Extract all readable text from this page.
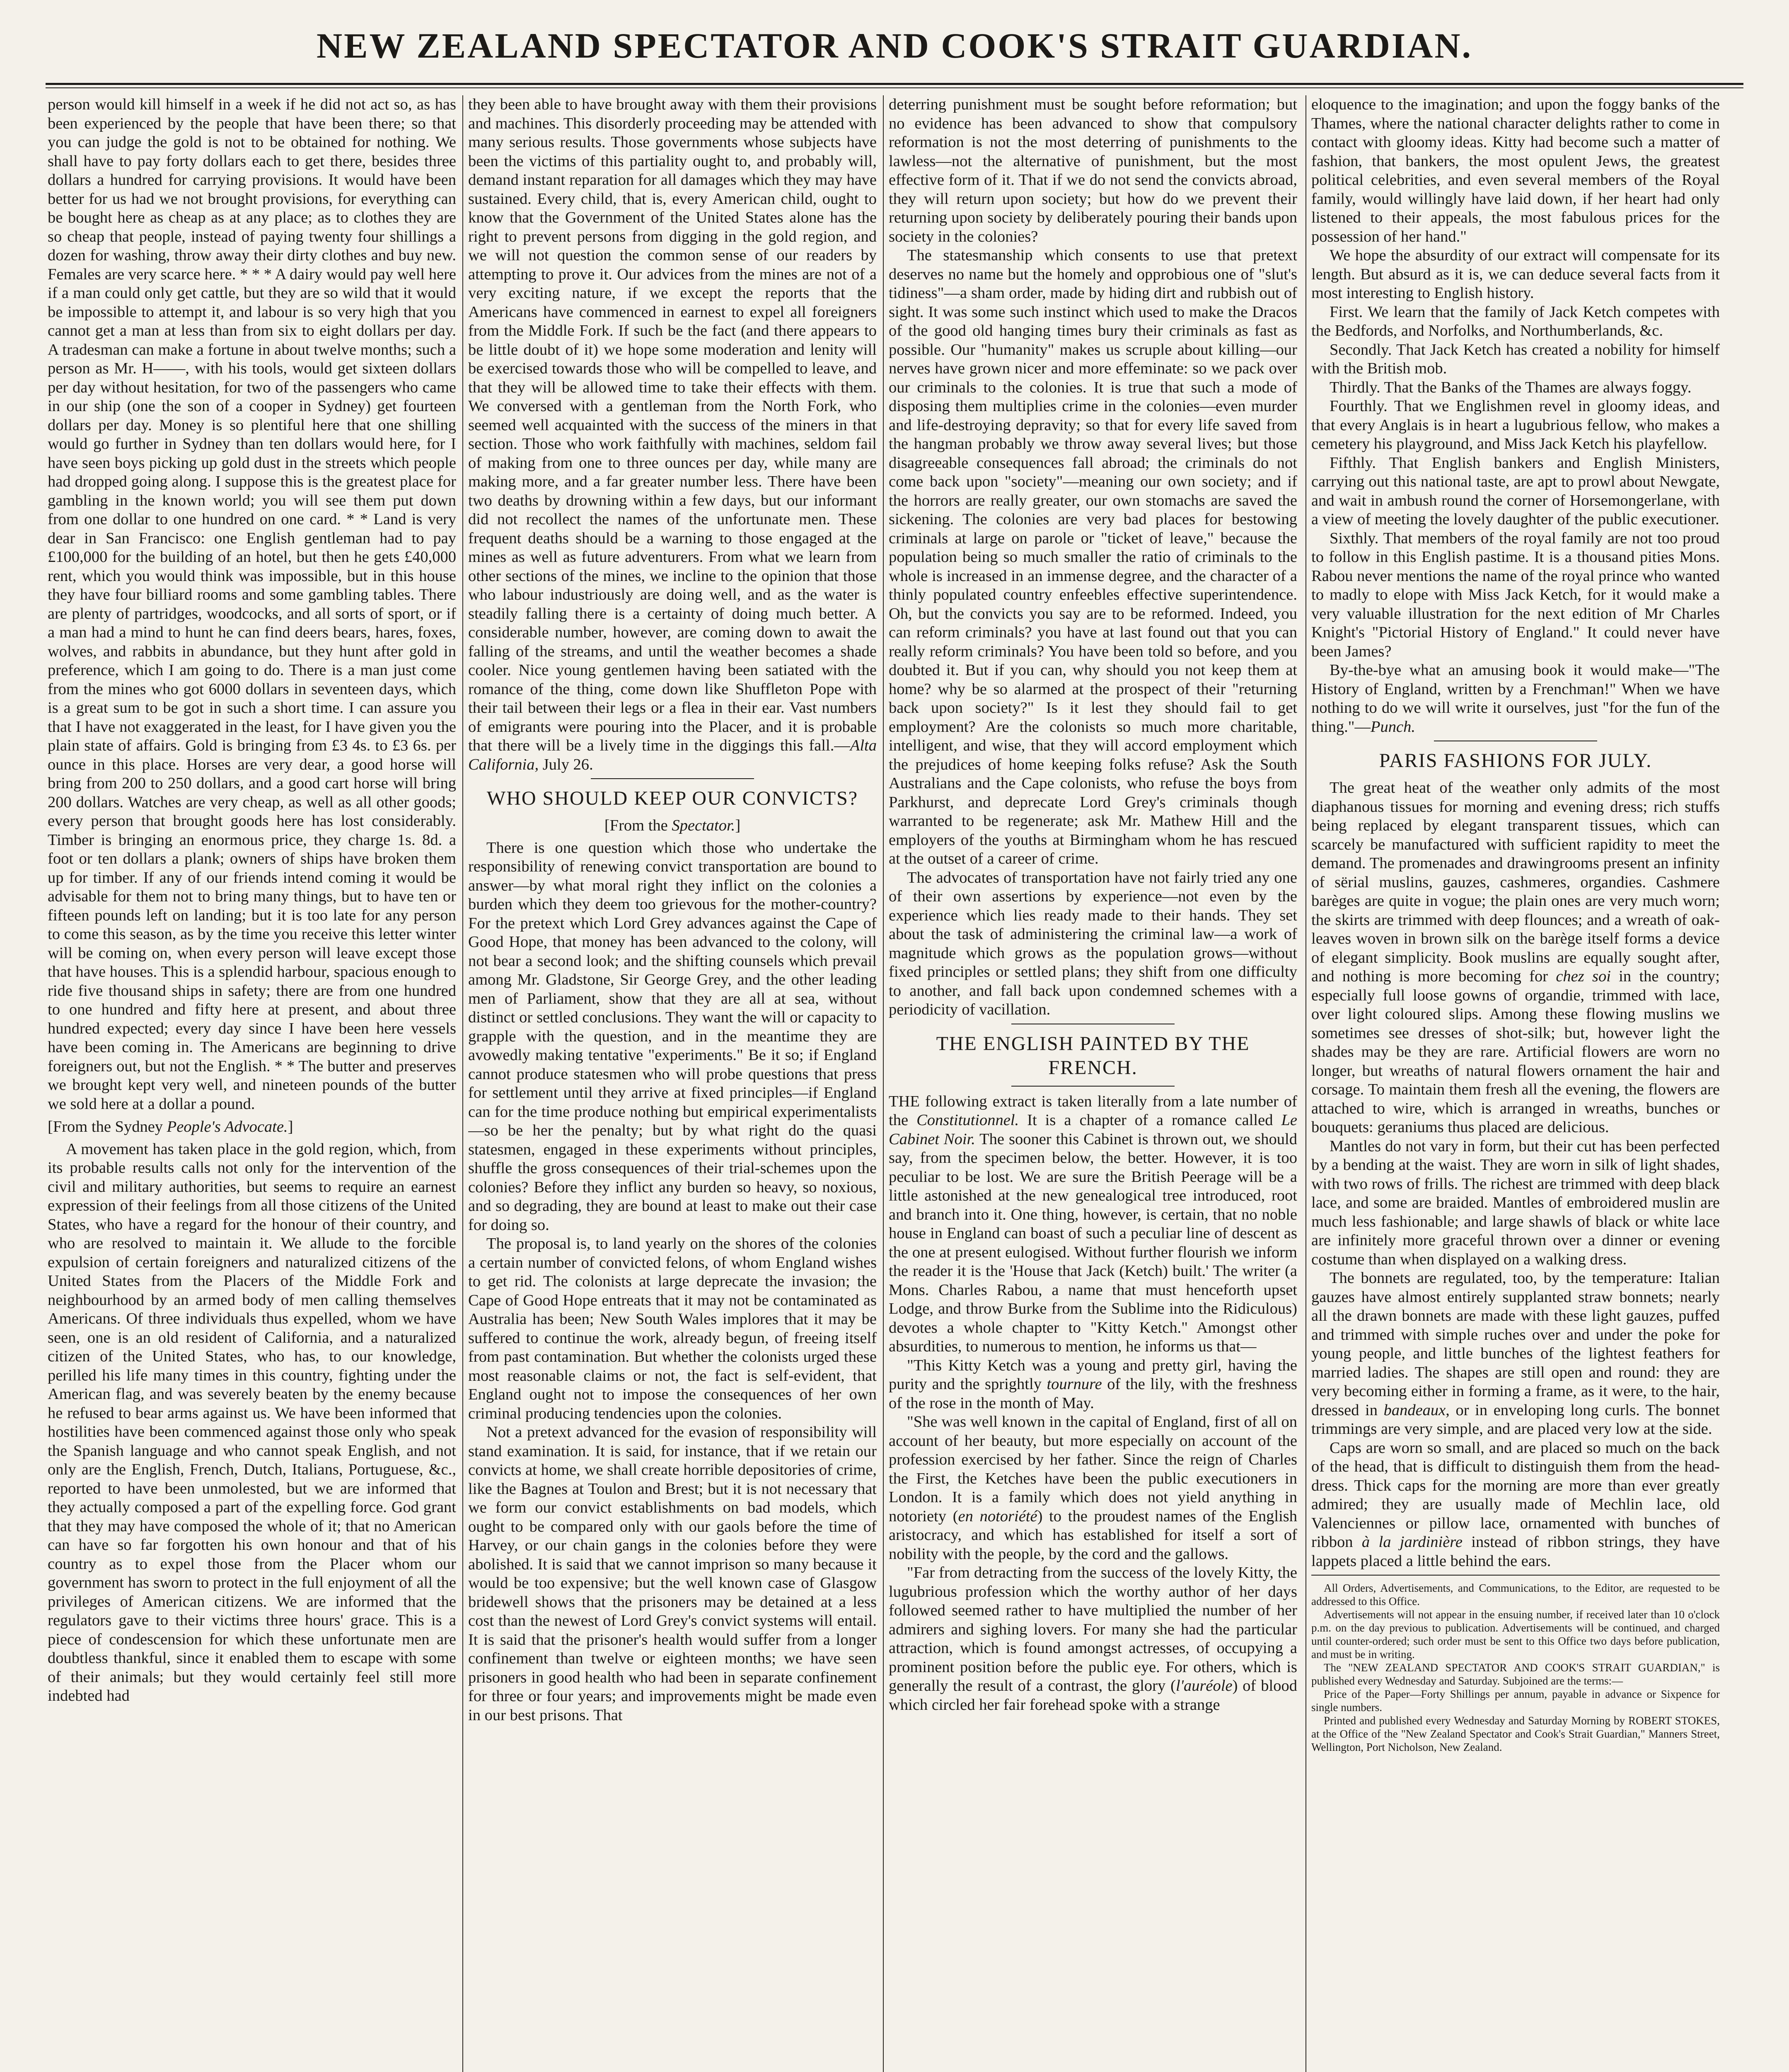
NEW ZEALAND SPECTATOR AND COOK'S STRAIT GUARDIAN.

person would kill himself in a week if he did not act so, as has been experienced by the people that have been there; so that you can judge the gold is not to be obtained for nothing. We shall have to pay forty dollars each to get there, besides three dollars a hundred for carrying provisions. It would have been better for us had we not brought provisions, for everything can be bought here as cheap as at any place; as to clothes they are so cheap that people, instead of paying twenty four shillings a dozen for washing, throw away their dirty clothes and buy new. Females are very scarce here. * * * A dairy would pay well here if a man could only get cattle, but they are so wild that it would be impossible to attempt it, and labour is so very high that you cannot get a man at less than from six to eight dollars per day. A tradesman can make a fortune in about twelve months; such a person as Mr. H——, with his tools, would get sixteen dollars per day without hesitation, for two of the passengers who came in our ship (one the son of a cooper in Sydney) get fourteen dollars per day. Money is so plentiful here that one shilling would go further in Sydney than ten dollars would here, for I have seen boys picking up gold dust in the streets which people had dropped going along. I suppose this is the greatest place for gambling in the known world; you will see them put down from one dollar to one hundred on one card. * * Land is very dear in San Francisco: one English gentleman had to pay £100,000 for the building of an hotel, but then he gets £40,000 rent, which you would think was impossible, but in this house they have four billiard rooms and some gambling tables. There are plenty of partridges, woodcocks, and all sorts of sport, or if a man had a mind to hunt he can find deers bears, hares, foxes, wolves, and rabbits in abundance, but they hunt after gold in preference, which I am going to do. There is a man just come from the mines who got 6000 dollars in seventeen days, which is a great sum to be got in such a short time. I can assure you that I have not exaggerated in the least, for I have given you the plain state of affairs. Gold is bringing from £3 4s. to £3 6s. per ounce in this place. Horses are very dear, a good horse will bring from 200 to 250 dollars, and a good cart horse will bring 200 dollars. Watches are very cheap, as well as all other goods; every person that brought goods here has lost considerably. Timber is bringing an enormous price, they charge 1s. 8d. a foot or ten dollars a plank; owners of ships have broken them up for timber. If any of our friends intend coming it would be advisable for them not to bring many things, but to have ten or fifteen pounds left on landing; but it is too late for any person to come this season, as by the time you receive this letter winter will be coming on, when every person will leave except those that have houses. This is a splendid harbour, spacious enough to ride five thousand ships in safety; there are from one hundred to one hundred and fifty here at present, and about three hundred expected; every day since I have been here vessels have been coming in. The Americans are beginning to drive foreigners out, but not the English. * * The butter and preserves we brought kept very well, and nineteen pounds of the butter we sold here at a dollar a pound.

[From the Sydney People's Advocate.]

A movement has taken place in the gold region, which, from its probable results calls not only for the intervention of the civil and military authorities, but seems to require an earnest expression of their feelings from all those citizens of the United States, who have a regard for the honour of their country, and who are resolved to maintain it. We allude to the forcible expulsion of certain foreigners and naturalized citizens of the United States from the Placers of the Middle Fork and neighbourhood by an armed body of men calling themselves Americans. Of three individuals thus expelled, whom we have seen, one is an old resident of California, and a naturalized citizen of the United States, who has, to our knowledge, perilled his life many times in this country, fighting under the American flag, and was severely beaten by the enemy because he refused to bear arms against us. We have been informed that hostilities have been commenced against those only who speak the Spanish language and who cannot speak English, and not only are the English, French, Dutch, Italians, Portuguese, &c., reported to have been unmolested, but we are informed that they actually composed a part of the expelling force. God grant that they may have composed the whole of it; that no American can have so far forgotten his own honour and that of his country as to expel those from the Placer whom our government has sworn to protect in the full enjoyment of all the privileges of American citizens. We are informed that the regulators gave to their victims three hours' grace. This is a piece of condescension for which these unfortunate men are doubtless thankful, since it enabled them to escape with some of their animals; but they would certainly feel still more indebted had

they been able to have brought away with them their provisions and machines. This disorderly proceeding may be attended with many serious results. Those governments whose subjects have been the victims of this partiality ought to, and probably will, demand instant reparation for all damages which they may have sustained. Every child, that is, every American child, ought to know that the Government of the United States alone has the right to prevent persons from digging in the gold region, and we will not question the common sense of our readers by attempting to prove it. Our advices from the mines are not of a very exciting nature, if we except the reports that the Americans have commenced in earnest to expel all foreigners from the Middle Fork. If such be the fact (and there appears to be little doubt of it) we hope some moderation and lenity will be exercised towards those who will be compelled to leave, and that they will be allowed time to take their effects with them. We conversed with a gentleman from the North Fork, who seemed well acquainted with the success of the miners in that section. Those who work faithfully with machines, seldom fail of making from one to three ounces per day, while many are making more, and a far greater number less. There have been two deaths by drowning within a few days, but our informant did not recollect the names of the unfortunate men. These frequent deaths should be a warning to those engaged at the mines as well as future adventurers. From what we learn from other sections of the mines, we incline to the opinion that those who labour industriously are doing well, and as the water is steadily falling there is a certainty of doing much better. A considerable number, however, are coming down to await the falling of the streams, and until the weather becomes a shade cooler. Nice young gentlemen having been satiated with the romance of the thing, come down like Shuffleton Pope with their tail between their legs or a flea in their ear. Vast numbers of emigrants were pouring into the Placer, and it is probable that there will be a lively time in the diggings this fall.—Alta California, July 26.

WHO SHOULD KEEP OUR CONVICTS?

[From the Spectator.]

There is one question which those who undertake the responsibility of renewing convict transportation are bound to answer—by what moral right they inflict on the colonies a burden which they deem too grievous for the mother-country? For the pretext which Lord Grey advances against the Cape of Good Hope, that money has been advanced to the colony, will not bear a second look; and the shifting counsels which prevail among Mr. Gladstone, Sir George Grey, and the other leading men of Parliament, show that they are all at sea, without distinct or settled conclusions. They want the will or capacity to grapple with the question, and in the meantime they are avowedly making tentative "experiments." Be it so; if England cannot produce statesmen who will probe questions that press for settlement until they arrive at fixed principles—if England can for the time produce nothing but empirical experimentalists—so be her the penalty; but by what right do the quasi statesmen, engaged in these experiments without principles, shuffle the gross consequences of their trial-schemes upon the colonies? Before they inflict any burden so heavy, so noxious, and so degrading, they are bound at least to make out their case for doing so.

The proposal is, to land yearly on the shores of the colonies a certain number of convicted felons, of whom England wishes to get rid. The colonists at large deprecate the invasion; the Cape of Good Hope entreats that it may not be contaminated as Australia has been; New South Wales implores that it may be suffered to continue the work, already begun, of freeing itself from past contamination. But whether the colonists urged these most reasonable claims or not, the fact is self-evident, that England ought not to impose the consequences of her own criminal producing tendencies upon the colonies.

Not a pretext advanced for the evasion of responsibility will stand examination. It is said, for instance, that if we retain our convicts at home, we shall create horrible depositories of crime, like the Bagnes at Toulon and Brest; but it is not necessary that we form our convict establishments on bad models, which ought to be compared only with our gaols before the time of Harvey, or our chain gangs in the colonies before they were abolished. It is said that we cannot imprison so many because it would be too expensive; but the well known case of Glasgow bridewell shows that the prisoners may be detained at a less cost than the newest of Lord Grey's convict systems will entail. It is said that the prisoner's health would suffer from a longer confinement than twelve or eighteen months; we have seen prisoners in good health who had been in separate confinement for three or four years; and improvements might be made even in our best prisons. That

deterring punishment must be sought before reformation; but no evidence has been advanced to show that compulsory reformation is not the most deterring of punishments to the lawless—not the alternative of punishment, but the most effective form of it. That if we do not send the convicts abroad, they will return upon society; but how do we prevent their returning upon society by deliberately pouring their bands upon society in the colonies?

The statesmanship which consents to use that pretext deserves no name but the homely and opprobious one of "slut's tidiness"—a sham order, made by hiding dirt and rubbish out of sight. It was some such instinct which used to make the Dracos of the good old hanging times bury their criminals as fast as possible. Our "humanity" makes us scruple about killing—our nerves have grown nicer and more effeminate: so we pack over our criminals to the colonies. It is true that such a mode of disposing them multiplies crime in the colonies—even murder and life-destroying depravity; so that for every life saved from the hangman probably we throw away several lives; but those disagreeable consequences fall abroad; the criminals do not come back upon "society"—meaning our own society; and if the horrors are really greater, our own stomachs are saved the sickening. The colonies are very bad places for bestowing criminals at large on parole or "ticket of leave," because the population being so much smaller the ratio of criminals to the whole is increased in an immense degree, and the character of a thinly populated country enfeebles effective superintendence. Oh, but the convicts you say are to be reformed. Indeed, you can reform criminals? you have at last found out that you can really reform criminals? You have been told so before, and you doubted it. But if you can, why should you not keep them at home? why be so alarmed at the prospect of their "returning back upon society?" Is it lest they should fail to get employment? Are the colonists so much more charitable, intelligent, and wise, that they will accord employment which the prejudices of home keeping folks refuse? Ask the South Australians and the Cape colonists, who refuse the boys from Parkhurst, and deprecate Lord Grey's criminals though warranted to be regenerate; ask Mr. Mathew Hill and the employers of the youths at Birmingham whom he has rescued at the outset of a career of crime.

The advocates of transportation have not fairly tried any one of their own assertions by experience—not even by the experience which lies ready made to their hands. They set about the task of administering the criminal law—a work of magnitude which grows as the population grows—without fixed principles or settled plans; they shift from one difficulty to another, and fall back upon condemned schemes with a periodicity of vacillation.

THE ENGLISH PAINTED BY THE FRENCH.

THE following extract is taken literally from a late number of the Constitutionnel. It is a chapter of a romance called Le Cabinet Noir. The sooner this Cabinet is thrown out, we should say, from the specimen below, the better. However, it is too peculiar to be lost. We are sure the British Peerage will be a little astonished at the new genealogical tree introduced, root and branch into it. One thing, however, is certain, that no noble house in England can boast of such a peculiar line of descent as the one at present eulogised. Without further flourish we inform the reader it is the 'House that Jack (Ketch) built.' The writer (a Mons. Charles Rabou, a name that must henceforth upset Lodge, and throw Burke from the Sublime into the Ridiculous) devotes a whole chapter to "Kitty Ketch." Amongst other absurdities, to numerous to mention, he informs us that—

"This Kitty Ketch was a young and pretty girl, having the purity and the sprightly tournure of the lily, with the freshness of the rose in the month of May.

"She was well known in the capital of England, first of all on account of her beauty, but more especially on account of the profession exercised by her father. Since the reign of Charles the First, the Ketches have been the public executioners in London. It is a family which does not yield anything in notoriety (en notoriété) to the proudest names of the English aristocracy, and which has established for itself a sort of nobility with the people, by the cord and the gallows.

"Far from detracting from the success of the lovely Kitty, the lugubrious profession which the worthy author of her days followed seemed rather to have multiplied the number of her admirers and sighing lovers. For many she had the particular attraction, which is found amongst actresses, of occupying a prominent position before the public eye. For others, which is generally the result of a contrast, the glory (l'auréole) of blood which circled her fair forehead spoke with a strange

eloquence to the imagination; and upon the foggy banks of the Thames, where the national character delights rather to come in contact with gloomy ideas. Kitty had become such a matter of fashion, that bankers, the most opulent Jews, the greatest political celebrities, and even several members of the Royal family, would willingly have laid down, if her heart had only listened to their appeals, the most fabulous prices for the possession of her hand."

We hope the absurdity of our extract will compensate for its length. But absurd as it is, we can deduce several facts from it most interesting to English history.

First. We learn that the family of Jack Ketch competes with the Bedfords, and Norfolks, and Northumberlands, &c.

Secondly. That Jack Ketch has created a nobility for himself with the British mob.

Thirdly. That the Banks of the Thames are always foggy.

Fourthly. That we Englishmen revel in gloomy ideas, and that every Anglais is in heart a lugubrious fellow, who makes a cemetery his playground, and Miss Jack Ketch his playfellow.

Fifthly. That English bankers and English Ministers, carrying out this national taste, are apt to prowl about Newgate, and wait in ambush round the corner of Horsemongerlane, with a view of meeting the lovely daughter of the public executioner.

Sixthly. That members of the royal family are not too proud to follow in this English pastime. It is a thousand pities Mons. Rabou never mentions the name of the royal prince who wanted to madly to elope with Miss Jack Ketch, for it would make a very valuable illustration for the next edition of Mr Charles Knight's "Pictorial History of England." It could never have been James?

By-the-bye what an amusing book it would make—"The History of England, written by a Frenchman!" When we have nothing to do we will write it ourselves, just "for the fun of the thing."—Punch.

PARIS FASHIONS FOR JULY.

The great heat of the weather only admits of the most diaphanous tissues for morning and evening dress; rich stuffs being replaced by elegant transparent tissues, which can scarcely be manufactured with sufficient rapidity to meet the demand. The promenades and drawingrooms present an infinity of sërial muslins, gauzes, cashmeres, organdies. Cashmere barèges are quite in vogue; the plain ones are very much worn; the skirts are trimmed with deep flounces; and a wreath of oak-leaves woven in brown silk on the barège itself forms a device of elegant simplicity. Book muslins are equally sought after, and nothing is more becoming for chez soi in the country; especially full loose gowns of organdie, trimmed with lace, over light coloured slips. Among these flowing muslins we sometimes see dresses of shot-silk; but, however light the shades may be they are rare. Artificial flowers are worn no longer, but wreaths of natural flowers ornament the hair and corsage. To maintain them fresh all the evening, the flowers are attached to wire, which is arranged in wreaths, bunches or bouquets: geraniums thus placed are delicious.

Mantles do not vary in form, but their cut has been perfected by a bending at the waist. They are worn in silk of light shades, with two rows of frills. The richest are trimmed with deep black lace, and some are braided. Mantles of embroidered muslin are much less fashionable; and large shawls of black or white lace are infinitely more graceful thrown over a dinner or evening costume than when displayed on a walking dress.

The bonnets are regulated, too, by the temperature: Italian gauzes have almost entirely supplanted straw bonnets; nearly all the drawn bonnets are made with these light gauzes, puffed and trimmed with simple ruches over and under the poke for young people, and little bunches of the lightest feathers for married ladies. The shapes are still open and round: they are very becoming either in forming a frame, as it were, to the hair, dressed in bandeaux, or in enveloping long curls. The bonnet trimmings are very simple, and are placed very low at the side.

Caps are worn so small, and are placed so much on the back of the head, that is difficult to distinguish them from the head-dress. Thick caps for the morning are more than ever greatly admired; they are usually made of Mechlin lace, old Valenciennes or pillow lace, ornamented with bunches of ribbon à la jardinière instead of ribbon strings, they have lappets placed a little behind the ears.

All Orders, Advertisements, and Communications, to the Editor, are requested to be addressed to this Office.

Advertisements will not appear in the ensuing number, if received later than 10 o'clock p.m. on the day previous to publication. Advertisements will be continued, and charged until counter-ordered; such order must be sent to this Office two days before publication, and must be in writing.

The "NEW ZEALAND SPECTATOR AND COOK'S STRAIT GUARDIAN," is published every Wednesday and Saturday. Subjoined are the terms:—

Price of the Paper—Forty Shillings per annum, payable in advance or Sixpence for single numbers.

Printed and published every Wednesday and Saturday Morning by ROBERT STOKES, at the Office of the "New Zealand Spectator and Cook's Strait Guardian," Manners Street, Wellington, Port Nicholson, New Zealand.
